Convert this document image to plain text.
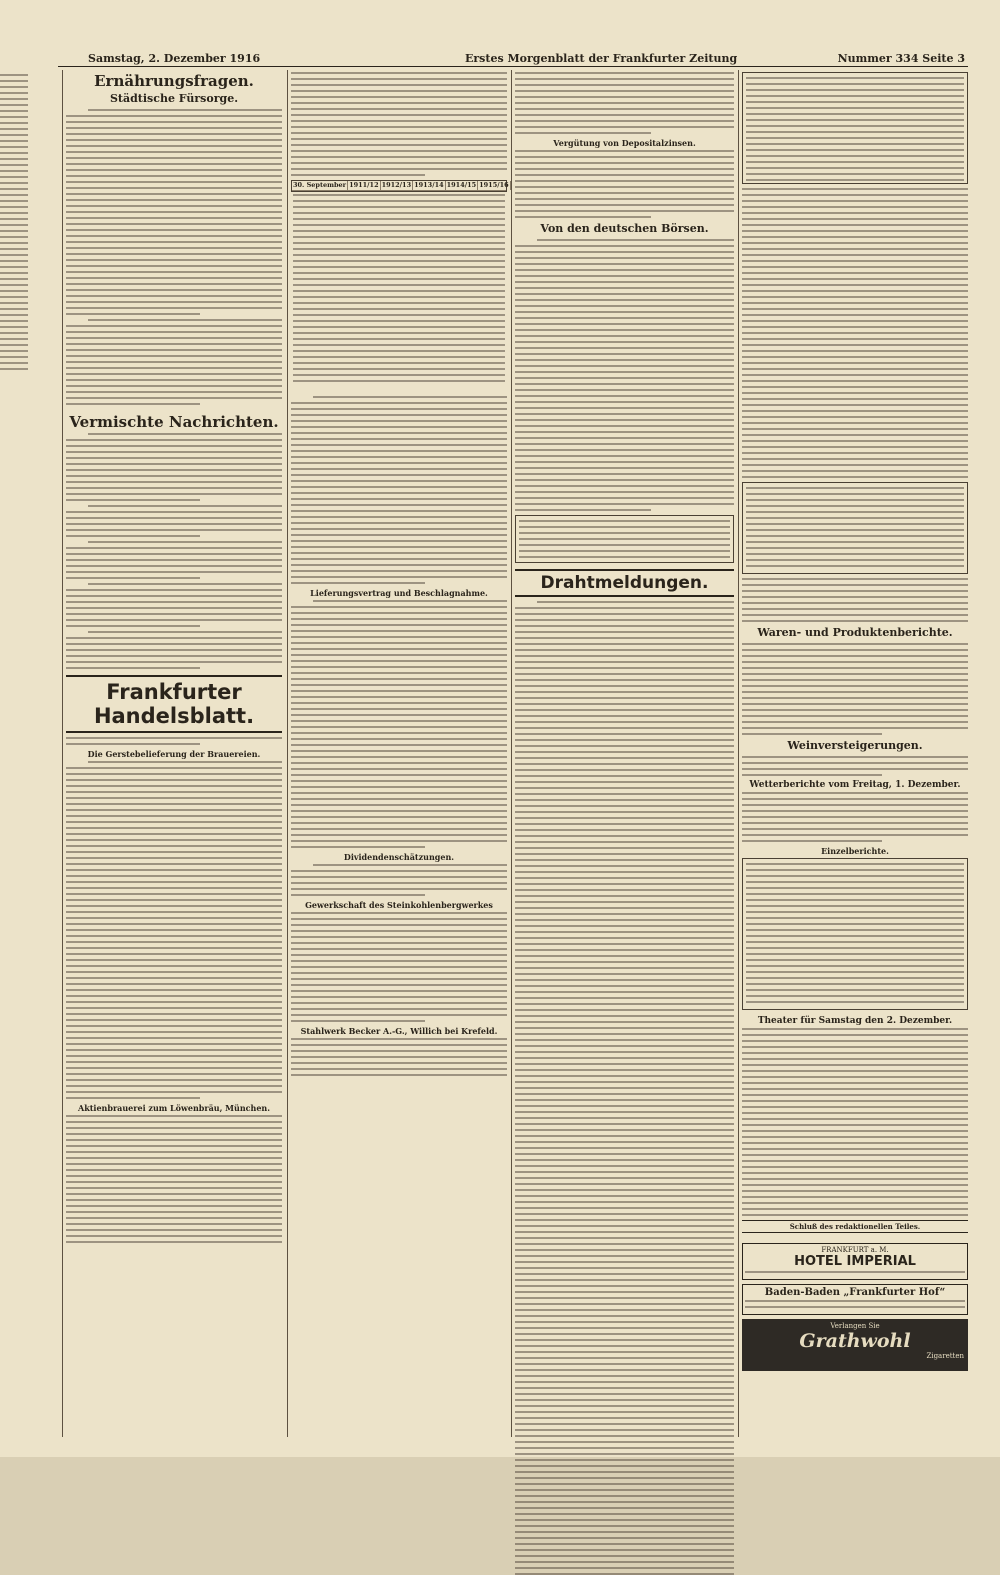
Samstag, 2. Dezember 1916	Erstes Morgenblatt der Frankfurter Zeitung	Nummer 334 Seite 3
Ernährungsfragen.
Städtische Fürsorge.
Vermischte Nachrichten.
Frankfurter Handelsblatt.
Die Gerstebelieferung der Brauereien.
Aktienbrauerei zum Löwenbräu, München.
30. September 1911/12 1912/13 1913/14 1914/15 1915/16
Lieferungsvertrag und Beschlagnahme.
Dividendenschätzungen.
Gewerkschaft des Steinkohlenbergwerkes
Stahlwerk Becker A.-G., Willich bei Krefeld.
Vergütung von Depositalzinsen.
Von den deutschen Börsen.
Drahtmeldungen.
Waren- und Produktenberichte.
Weinversteigerungen.
Wetterberichte vom Freitag, 1. Dezember.
Einzelberichte.
Theater für Samstag den 2. Dezember.
Schluß des redaktionellen Teiles.
FRANKFURT a. M.
HOTEL IMPERIAL
Baden-Baden „Frankfurter Hof“
Verlangen Sie
Grathwohl
Zigaretten
